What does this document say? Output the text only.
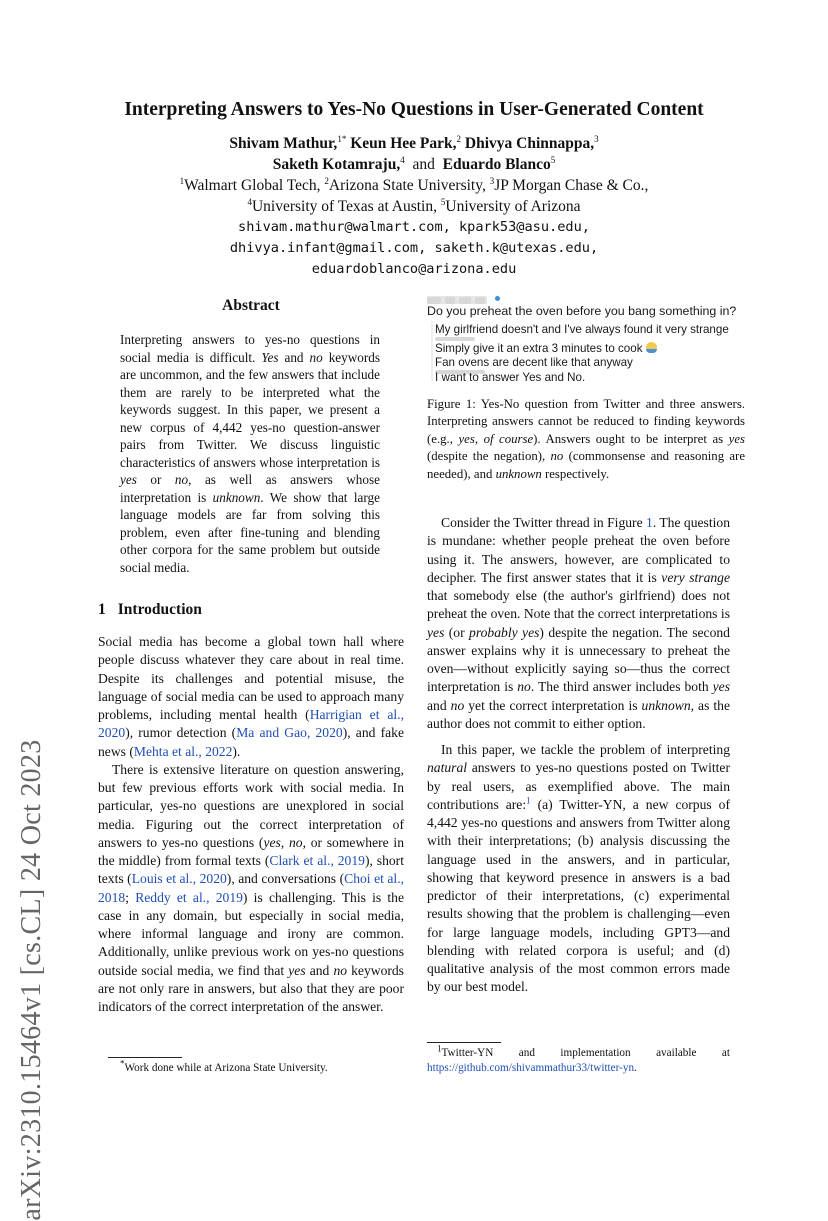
arXiv:2310.15464v1 [cs.CL] 24 Oct 2023
Interpreting Answers to Yes-No Questions in User-Generated Content
Shivam Mathur,$^{1*}$ Keun Hee Park,$^2$ Dhivya Chinnappa,$^3$
Saketh Kotamraju,$^4$ and Eduardo Blanco$^5$
$^1$Walmart Global Tech, $^2$Arizona State University, $^3$JP Morgan Chase & Co.,
$^4$University of Texas at Austin, $^5$University of Arizona
shivam.mathur@walmart.com, kpark53@asu.edu,
dhivya.infant@gmail.com, saketh.k@utexas.edu,
eduardoblanco@arizona.edu
Abstract
Interpreting answers to yes-no questions in social media is difficult. Yes and no keywords are uncommon, and the few answers that include them are rarely to be interpreted what the keywords suggest. In this paper, we present a new corpus of 4,442 yes-no question-answer pairs from Twitter. We discuss linguistic characteristics of answers whose interpretation is yes or no, as well as answers whose interpretation is unknown. We show that large language models are far from solving this problem, even after fine-tuning and blending other corpora for the same problem but outside social media.
1 Introduction

Social media has become a global town hall where people discuss whatever they care about in real time. Despite its challenges and potential misuse, the language of social media can be used to approach many problems, including mental health (Harrigian et al., 2020), rumor detection (Ma and Gao, 2020), and fake news (Mehta et al., 2022).

There is extensive literature on question answering, but few previous efforts work with social media. In particular, yes-no questions are unexplored in social media. Figuring out the correct interpretation of answers to yes-no questions (yes, no, or somewhere in the middle) from formal texts (Clark et al., 2019), short texts (Louis et al., 2020), and conversations (Choi et al., 2018; Reddy et al., 2019) is challenging. This is the case in any domain, but especially in social media, where informal language and irony are common. Additionally, unlike previous work on yes-no questions outside social media, we find that yes and no keywords are not only rare in answers, but also that they are poor indicators of the correct interpretation of the answer.

*Work done while at Arizona State University.
Do you preheat the oven before you bang something in?
My girlfriend doesn't and I've always found it very strange
Simply give it an extra 3 minutes to cook
Fan ovens are decent like that anyway
I want to answer Yes and No.
Figure 1: Yes-No question from Twitter and three answers. Interpreting answers cannot be reduced to finding keywords (e.g., yes, of course). Answers ought to be interpret as yes (despite the negation), no (commonsense and reasoning are needed), and unknown respectively.

Consider the Twitter thread in Figure 1. The question is mundane: whether people preheat the oven before using it. The answers, however, are complicated to decipher. The first answer states that it is very strange that somebody else (the author's girlfriend) does not preheat the oven. Note that the correct interpretations is yes (or probably yes) despite the negation. The second answer explains why it is unnecessary to preheat the oven—without explicitly saying so—thus the correct interpretation is no. The third answer includes both yes and no yet the correct interpretation is unknown, as the author does not commit to either option.

In this paper, we tackle the problem of interpreting natural answers to yes-no questions posted on Twitter by real users, as exemplified above. The main contributions are:$^1$ (a) Twitter-YN, a new corpus of 4,442 yes-no questions and answers from Twitter along with their interpretations; (b) analysis discussing the language used in the answers, and in particular, showing that keyword presence in answers is a bad predictor of their interpretations, (c) experimental results showing that the problem is challenging—even for large language models, including GPT3—and blending with related corpora is useful; and (d) qualitative analysis of the most common errors made by our best model.

$^1$Twitter-YN and implementation available at https://github.com/shivammathur33/twitter-yn.
